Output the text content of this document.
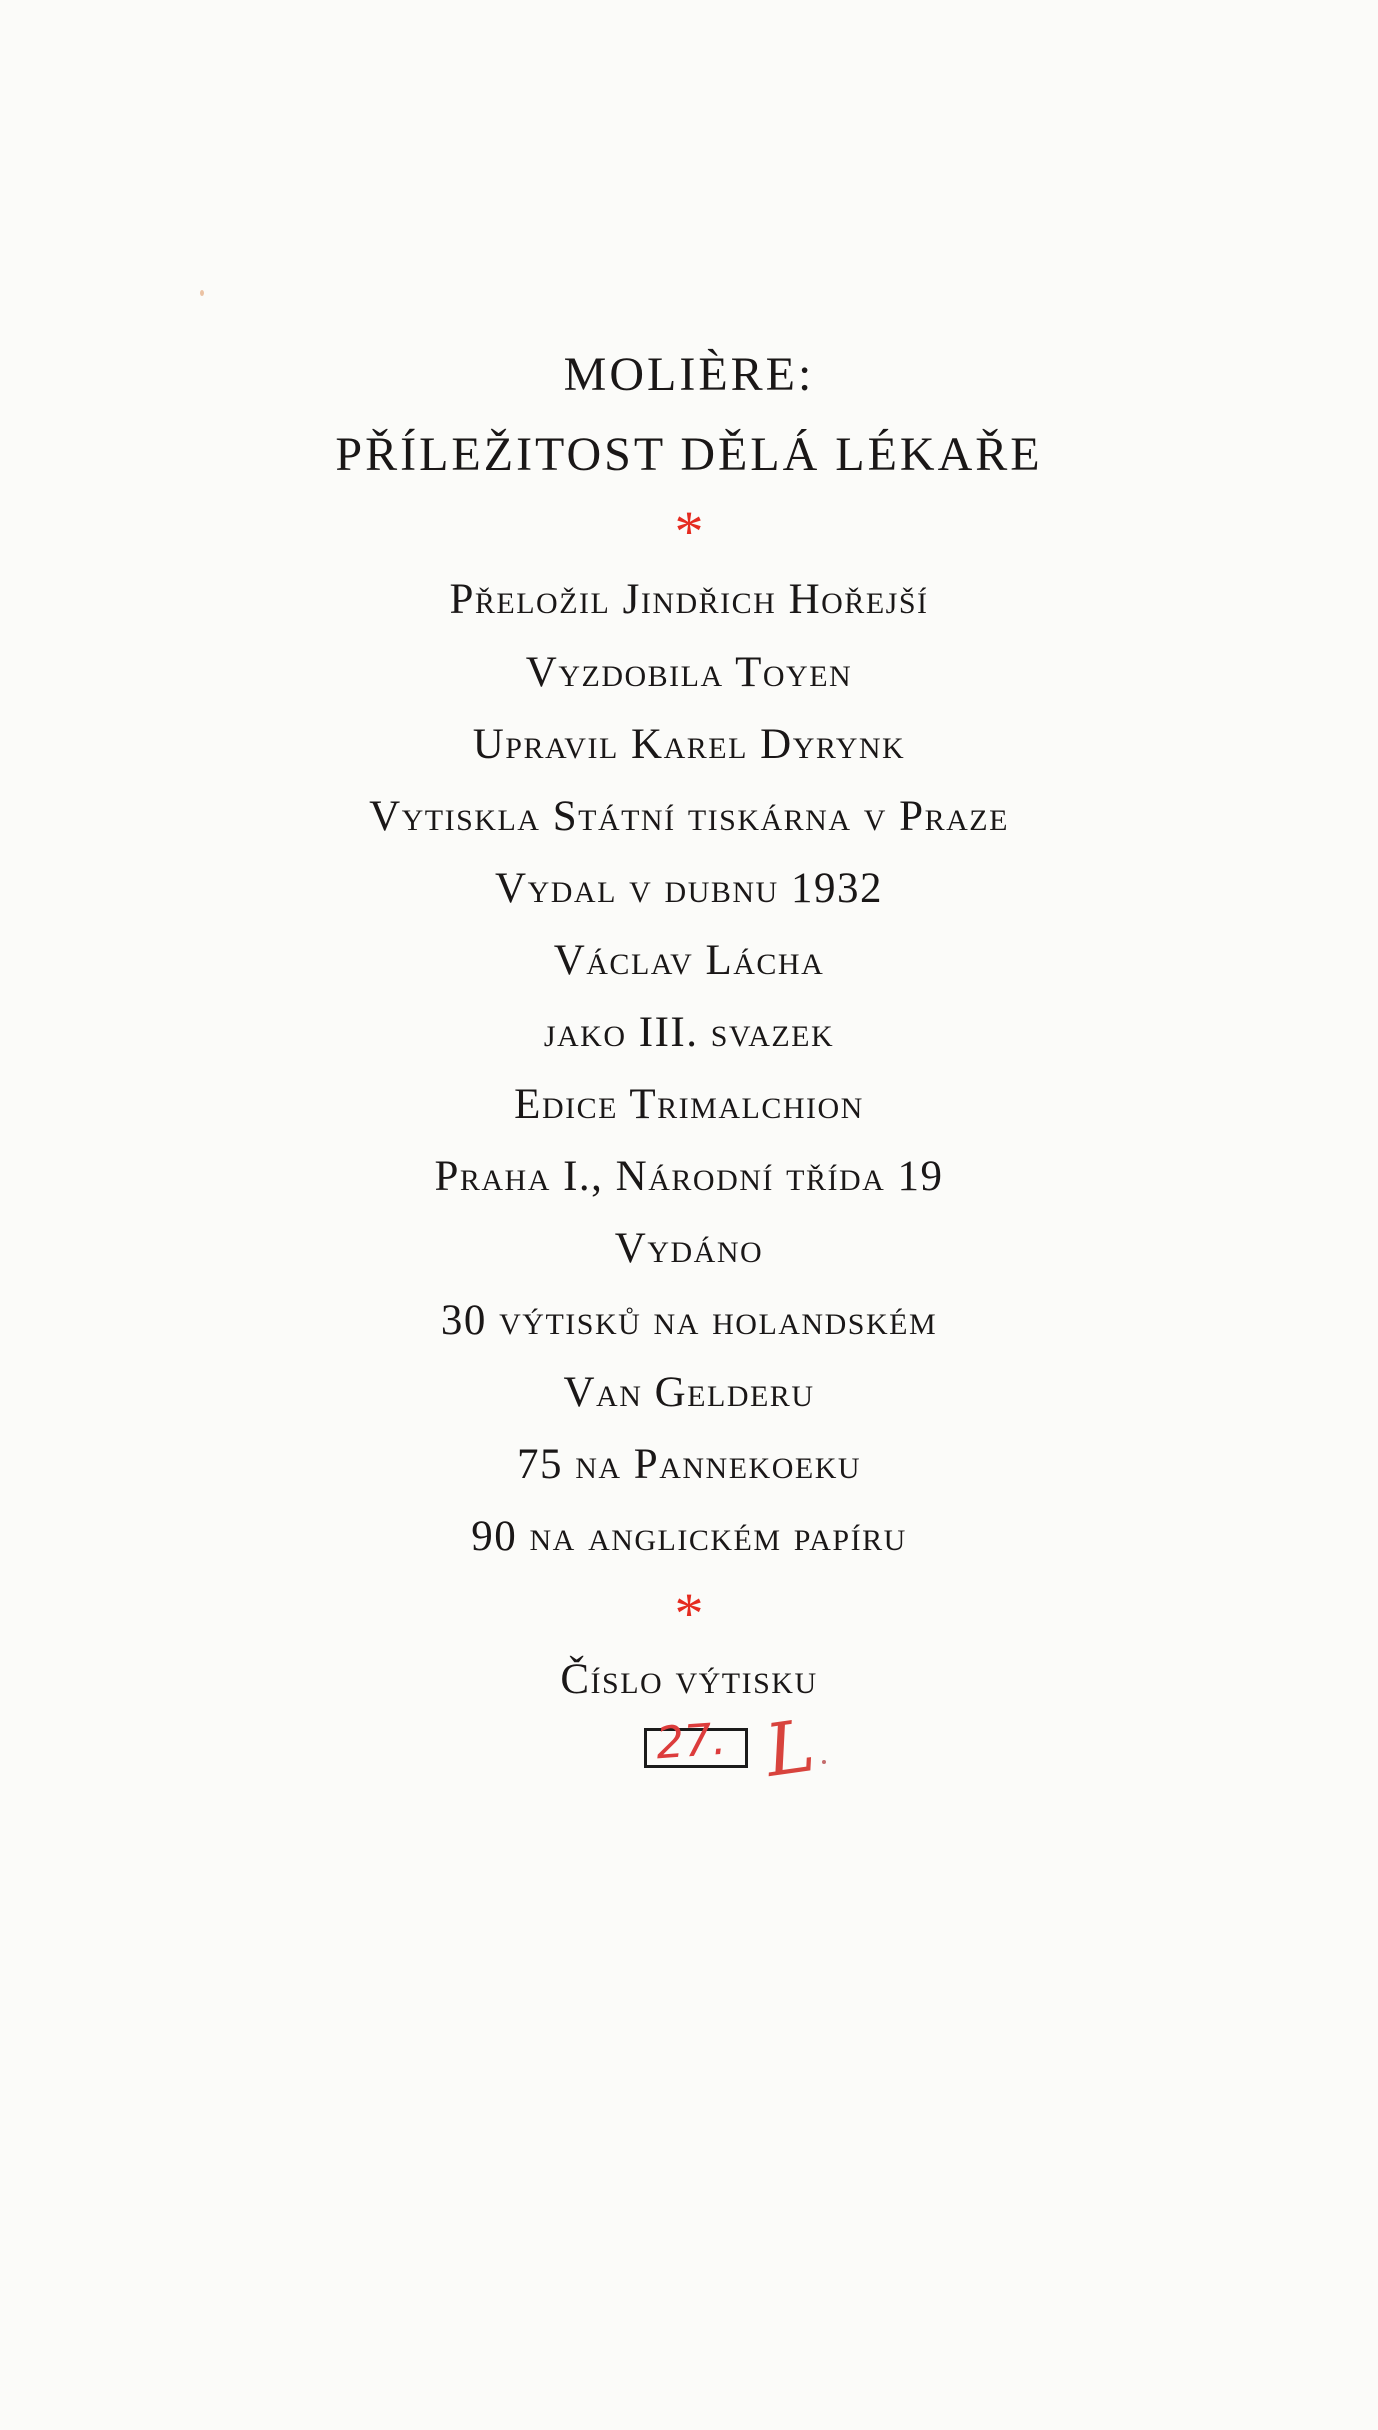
MOLIÈRE:

PŘÍLEŽITOST DĚLÁ LÉKAŘE

*

Přeložil Jindřich Hořejší

Vyzdobila Toyen

Upravil Karel Dyrynk

Vytiskla Státní tiskárna v Praze

Vydal v dubnu 1932

Václav Lácha

jako III. svazek

Edice Trimalchion

Praha I., Národní třída 19

Vydáno

30 výtisků na holandském

Van Gelderu

75 na Pannekoeku

90 na anglickém papíru

*

Číslo výtisku

27. L
